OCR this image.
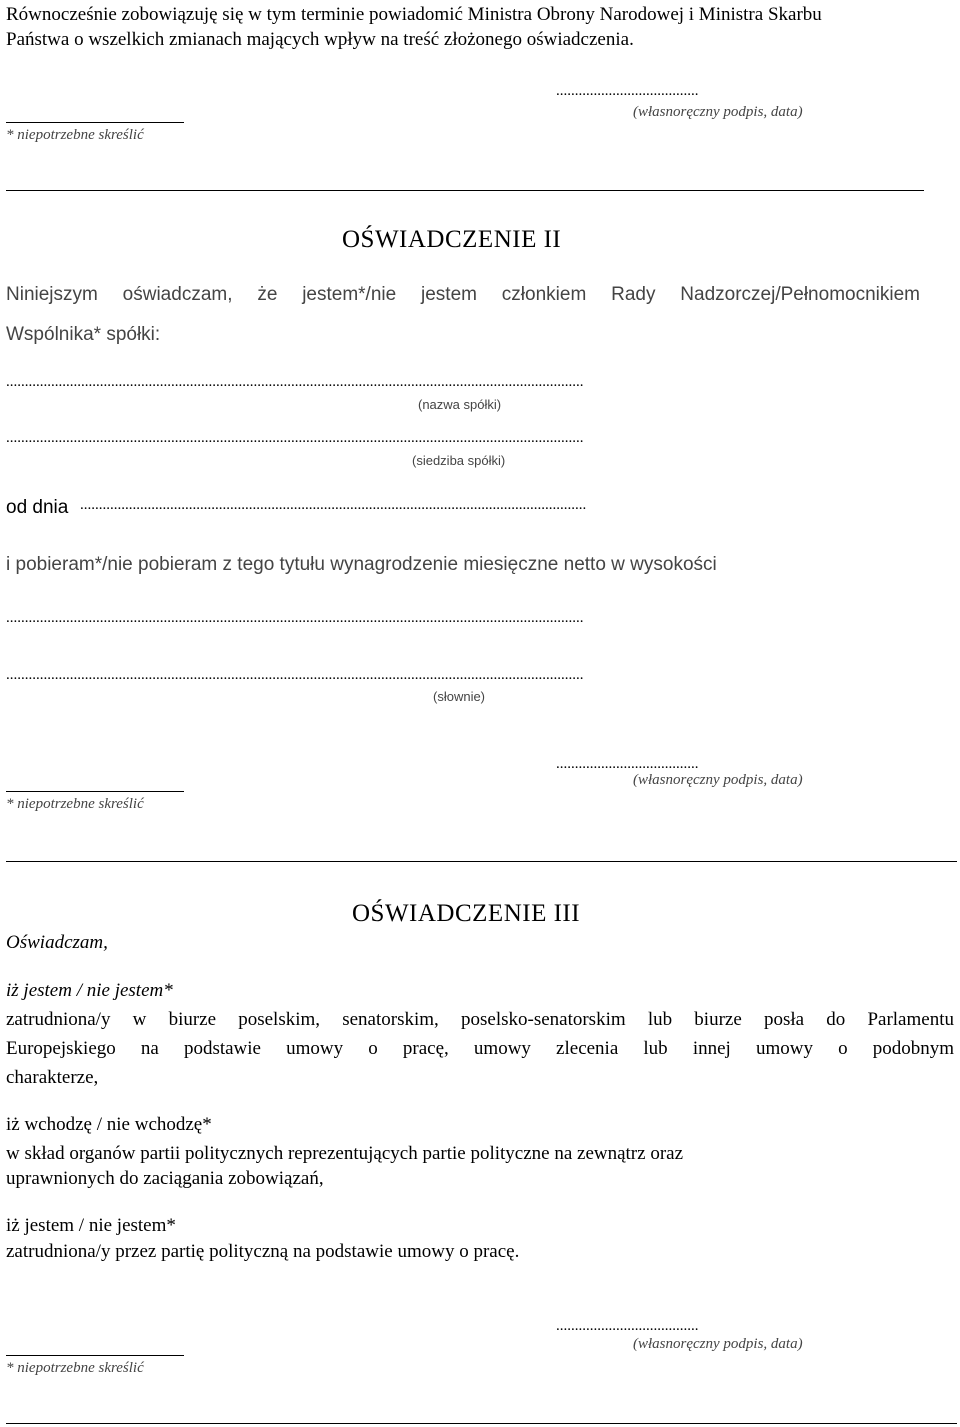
Równocześnie zobowiązuję się w tym terminie powiadomić Ministra Obrony Narodowej i Ministra Skarbu
Państwa o wszelkich zmianach mających wpływ na treść złożonego oświadczenia.
......................................
(własnoręczny podpis, data)
* niepotrzebne skreślić
OŚWIADCZENIE II
Niniejszym oświadczam, że jestem*/nie jestem członkiem Rady Nadzorczej/Pełnomocnikiem
Wspólnika* spółki:
..........................................................................................................................................................
(nazwa spółki)
..........................................................................................................................................................
(siedziba spółki)
od dnia .......................................................................................................................................
i pobieram*/nie pobieram z tego tytułu wynagrodzenie miesięczne netto w wysokości
..........................................................................................................................................................
..........................................................................................................................................................
(słownie)
......................................
(własnoręczny podpis, data)
* niepotrzebne skreślić
OŚWIADCZENIE III
Oświadczam,
iż jestem / nie jestem*
zatrudniona/y w biurze poselskim, senatorskim, poselsko-senatorskim lub biurze posła do Parlamentu
Europejskiego na podstawie umowy o pracę, umowy zlecenia lub innej umowy o podobnym
charakterze,
iż wchodzę / nie wchodzę*
w skład organów partii politycznych reprezentujących partie polityczne na zewnątrz oraz
uprawnionych do zaciągania zobowiązań,
iż jestem / nie jestem*
zatrudniona/y przez partię polityczną na podstawie umowy o pracę.
......................................
(własnoręczny podpis, data)
* niepotrzebne skreślić
